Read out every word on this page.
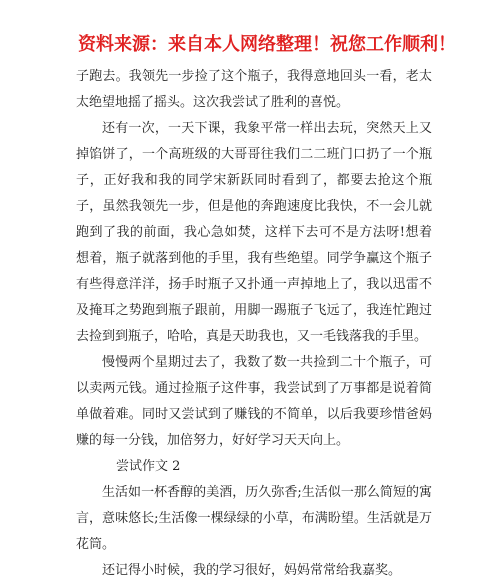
资料来源：来自本人网络整理！祝您工作顺利！

子跑去。我领先一步捡了这个瓶子，我得意地回头一看，老太太绝望地摇了摇头。这次我尝试了胜利的喜悦。

还有一次，一天下课，我象平常一样出去玩，突然天上又掉馅饼了，一个高班级的大哥哥往我们二二班门口扔了一个瓶子，正好我和我的同学宋新跃同时看到了，都要去抢这个瓶子，虽然我领先一步，但是他的奔跑速度比我快，不一会儿就跑到了我的前面，我心急如焚，这样下去可不是方法呀!想着想着，瓶子就落到他的手里，我有些绝望。同学争赢这个瓶子有些得意洋洋，扬手时瓶子又扑通一声掉地上了，我以迅雷不及掩耳之势跑到瓶子跟前，用脚一踢瓶子飞远了，我连忙跑过去捡到到瓶子，哈哈，真是天助我也，又一毛钱落我的手里。

慢慢两个星期过去了，我数了数一共捡到二十个瓶子，可以卖两元钱。通过捡瓶子这件事，我尝试到了万事都是说着简单做着难。同时又尝试到了赚钱的不简单，以后我要珍惜爸妈赚的每一分钱，加倍努力，好好学习天天向上。

尝试作文 2

生活如一杯香醇的美酒，历久弥香;生活似一那么简短的寓言，意味悠长;生活像一棵绿绿的小草，布满盼望。生活就是万花筒。

还记得小时候，我的学习很好，妈妈常常给我嘉奖。
